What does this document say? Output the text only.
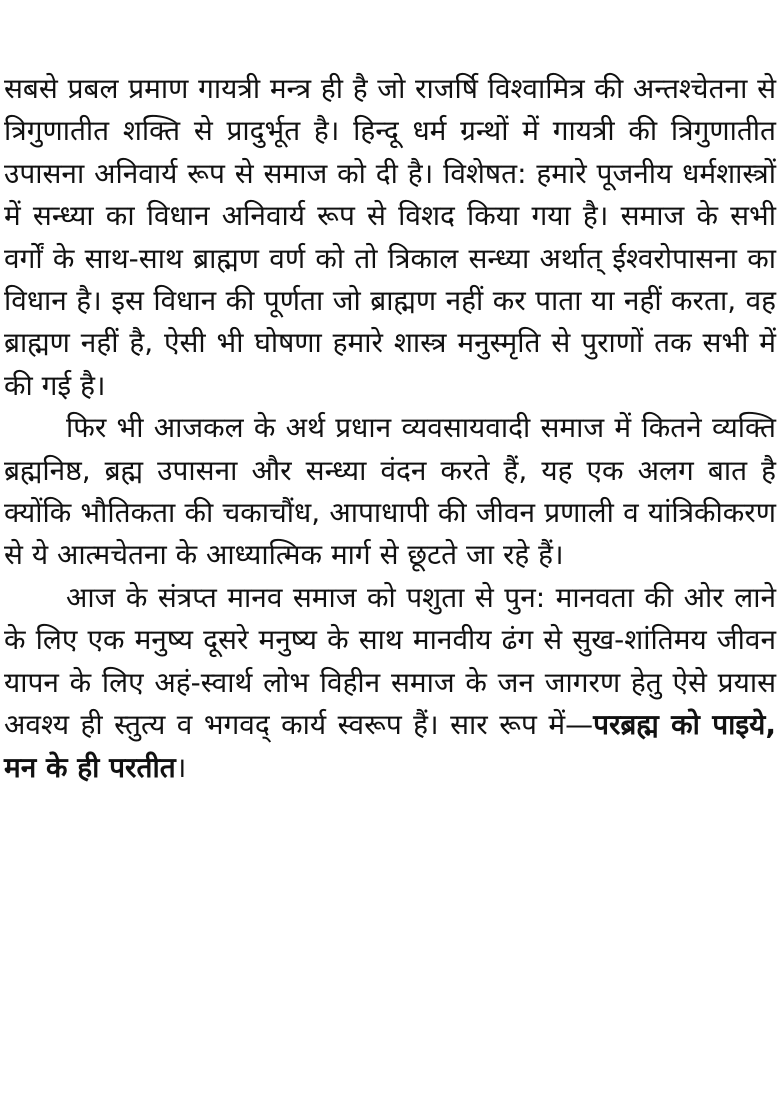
सबसे प्रबल प्रमाण गायत्री मन्त्र ही है जो राजर्षि विश्वामित्र की अन्तश्चेतना से त्रिगुणातीत शक्ति से प्रादुर्भूत है। हिन्दू धर्म ग्रन्थों में गायत्री की त्रिगुणातीत उपासना अनिवार्य रूप से समाज को दी है। विशेषत: हमारे पूजनीय धर्मशास्त्रों में सन्ध्या का विधान अनिवार्य रूप से विशद किया गया है। समाज के सभी वर्गों के साथ-साथ ब्राह्मण वर्ण को तो त्रिकाल सन्ध्या अर्थात् ईश्वरोपासना का विधान है। इस विधान की पूर्णता जो ब्राह्मण नहीं कर पाता या नहीं करता, वह ब्राह्मण नहीं है, ऐसी भी घोषणा हमारे शास्त्र मनुस्मृति से पुराणों तक सभी में की गई है।

फिर भी आजकल के अर्थ प्रधान व्यवसायवादी समाज में कितने व्यक्ति ब्रह्मनिष्ठ, ब्रह्म उपासना और सन्ध्या वंदन करते हैं, यह एक अलग बात है क्योंकि भौतिकता की चकाचौंध, आपाधापी की जीवन प्रणाली व यांत्रिकीकरण से ये आत्मचेतना के आध्यात्मिक मार्ग से छूटते जा रहे हैं।

आज के संत्रप्त मानव समाज को पशुता से पुन: मानवता की ओर लाने के लिए एक मनुष्य दूसरे मनुष्य के साथ मानवीय ढंग से सुख-शांतिमय जीवन यापन के लिए अहं-स्वार्थ लोभ विहीन समाज के जन जागरण हेतु ऐसे प्रयास अवश्य ही स्तुत्य व भगवद् कार्य स्वरूप हैं। सार रूप में—परब्रह्म को पाइये, मन के ही परतीत।
